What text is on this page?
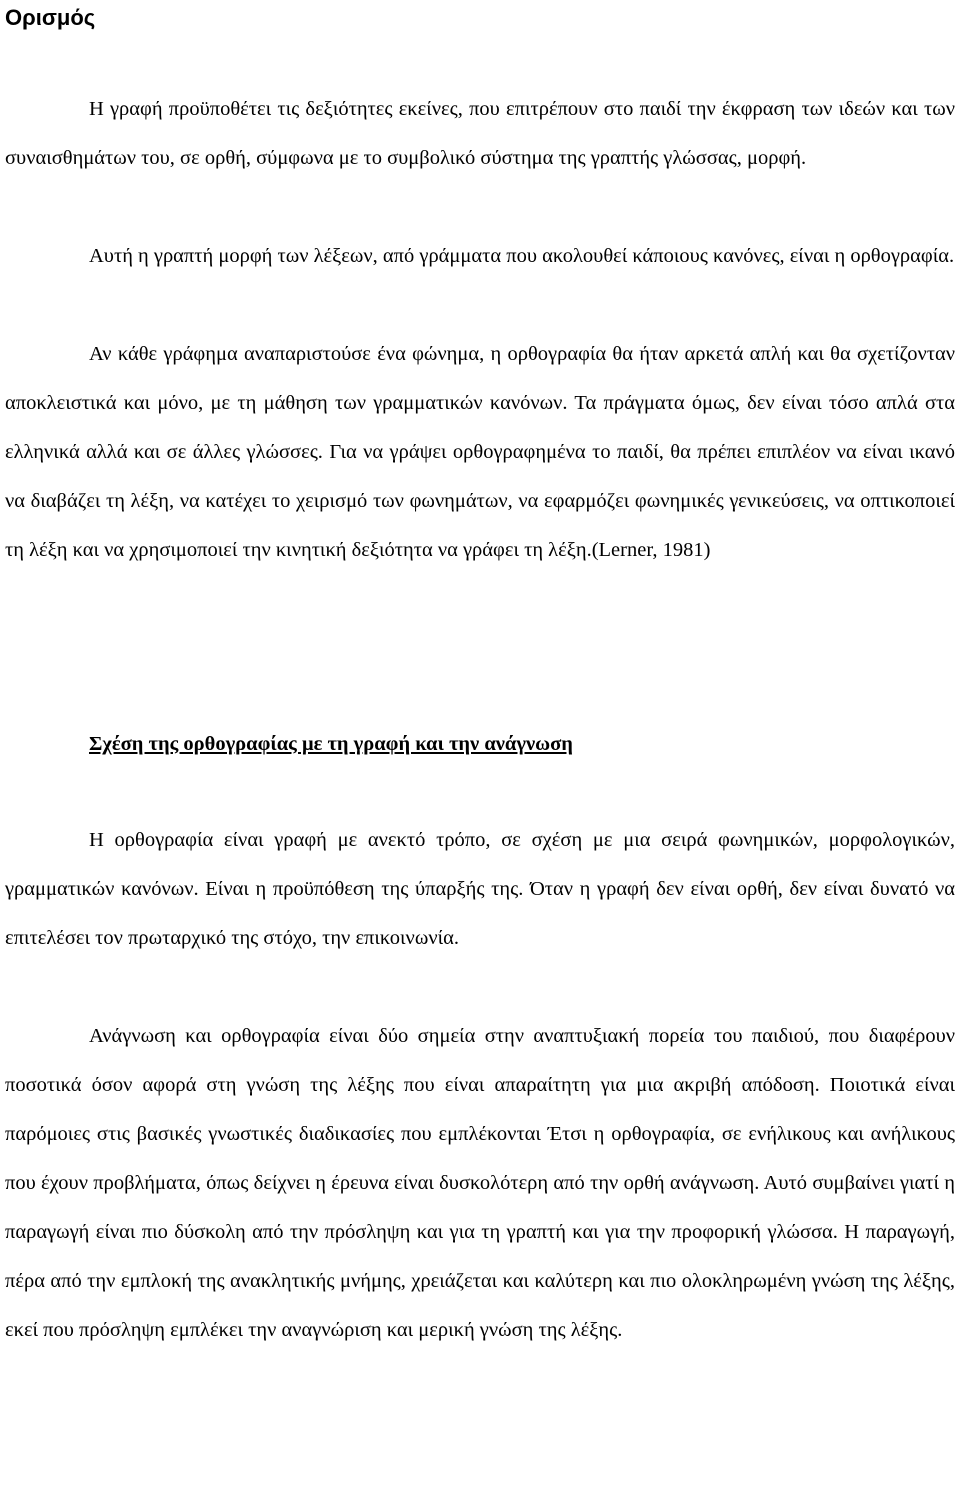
Ορισμός

Η γραφή προϋποθέτει τις δεξιότητες εκείνες, που επιτρέπουν στο παιδί την έκφραση των ιδεών και των συναισθημάτων του, σε ορθή, σύμφωνα με το συμβολικό σύστημα της γραπτής γλώσσας, μορφή.

Αυτή η γραπτή μορφή των λέξεων, από γράμματα που ακολουθεί κάποιους κανόνες, είναι η ορθογραφία.

Αν κάθε γράφημα αναπαριστούσε ένα φώνημα, η ορθογραφία θα ήταν αρκετά απλή και θα σχετίζονταν αποκλειστικά και μόνο, με τη μάθηση των γραμματικών κανόνων. Τα πράγματα όμως, δεν είναι τόσο απλά στα ελληνικά αλλά και σε άλλες γλώσσες. Για να γράψει ορθογραφημένα το παιδί, θα πρέπει επιπλέον να είναι ικανό να διαβάζει τη λέξη, να κατέχει το χειρισμό των φωνημάτων, να εφαρμόζει φωνημικές γενικεύσεις, να οπτικοποιεί τη λέξη και να χρησιμοποιεί την κινητική δεξιότητα να γράφει τη λέξη.(Lerner, 1981)

Σχέση της ορθογραφίας με τη γραφή και την ανάγνωση

Η ορθογραφία είναι γραφή με ανεκτό τρόπο, σε σχέση με μια σειρά φωνημικών, μορφολογικών, γραμματικών κανόνων. Είναι η προϋπόθεση της ύπαρξής της. Όταν η γραφή δεν είναι ορθή, δεν είναι δυνατό να επιτελέσει τον πρωταρχικό της στόχο, την επικοινωνία.

Ανάγνωση και ορθογραφία είναι δύο σημεία στην αναπτυξιακή πορεία του παιδιού, που διαφέρουν ποσοτικά όσον αφορά στη γνώση της λέξης που είναι απαραίτητη για μια ακριβή απόδοση. Ποιοτικά είναι παρόμοιες στις βασικές γνωστικές διαδικασίες που εμπλέκονται Έτσι η ορθογραφία, σε ενήλικους και ανήλικους που έχουν προβλήματα, όπως δείχνει η έρευνα είναι δυσκολότερη από την ορθή ανάγνωση. Αυτό συμβαίνει γιατί η παραγωγή είναι πιο δύσκολη από την πρόσληψη και για τη γραπτή και για την προφορική γλώσσα. Η παραγωγή, πέρα από την εμπλοκή της ανακλητικής μνήμης, χρειάζεται και καλύτερη και πιο ολοκληρωμένη γνώση της λέξης, εκεί που πρόσληψη εμπλέκει την αναγνώριση και μερική γνώση της λέξης.
